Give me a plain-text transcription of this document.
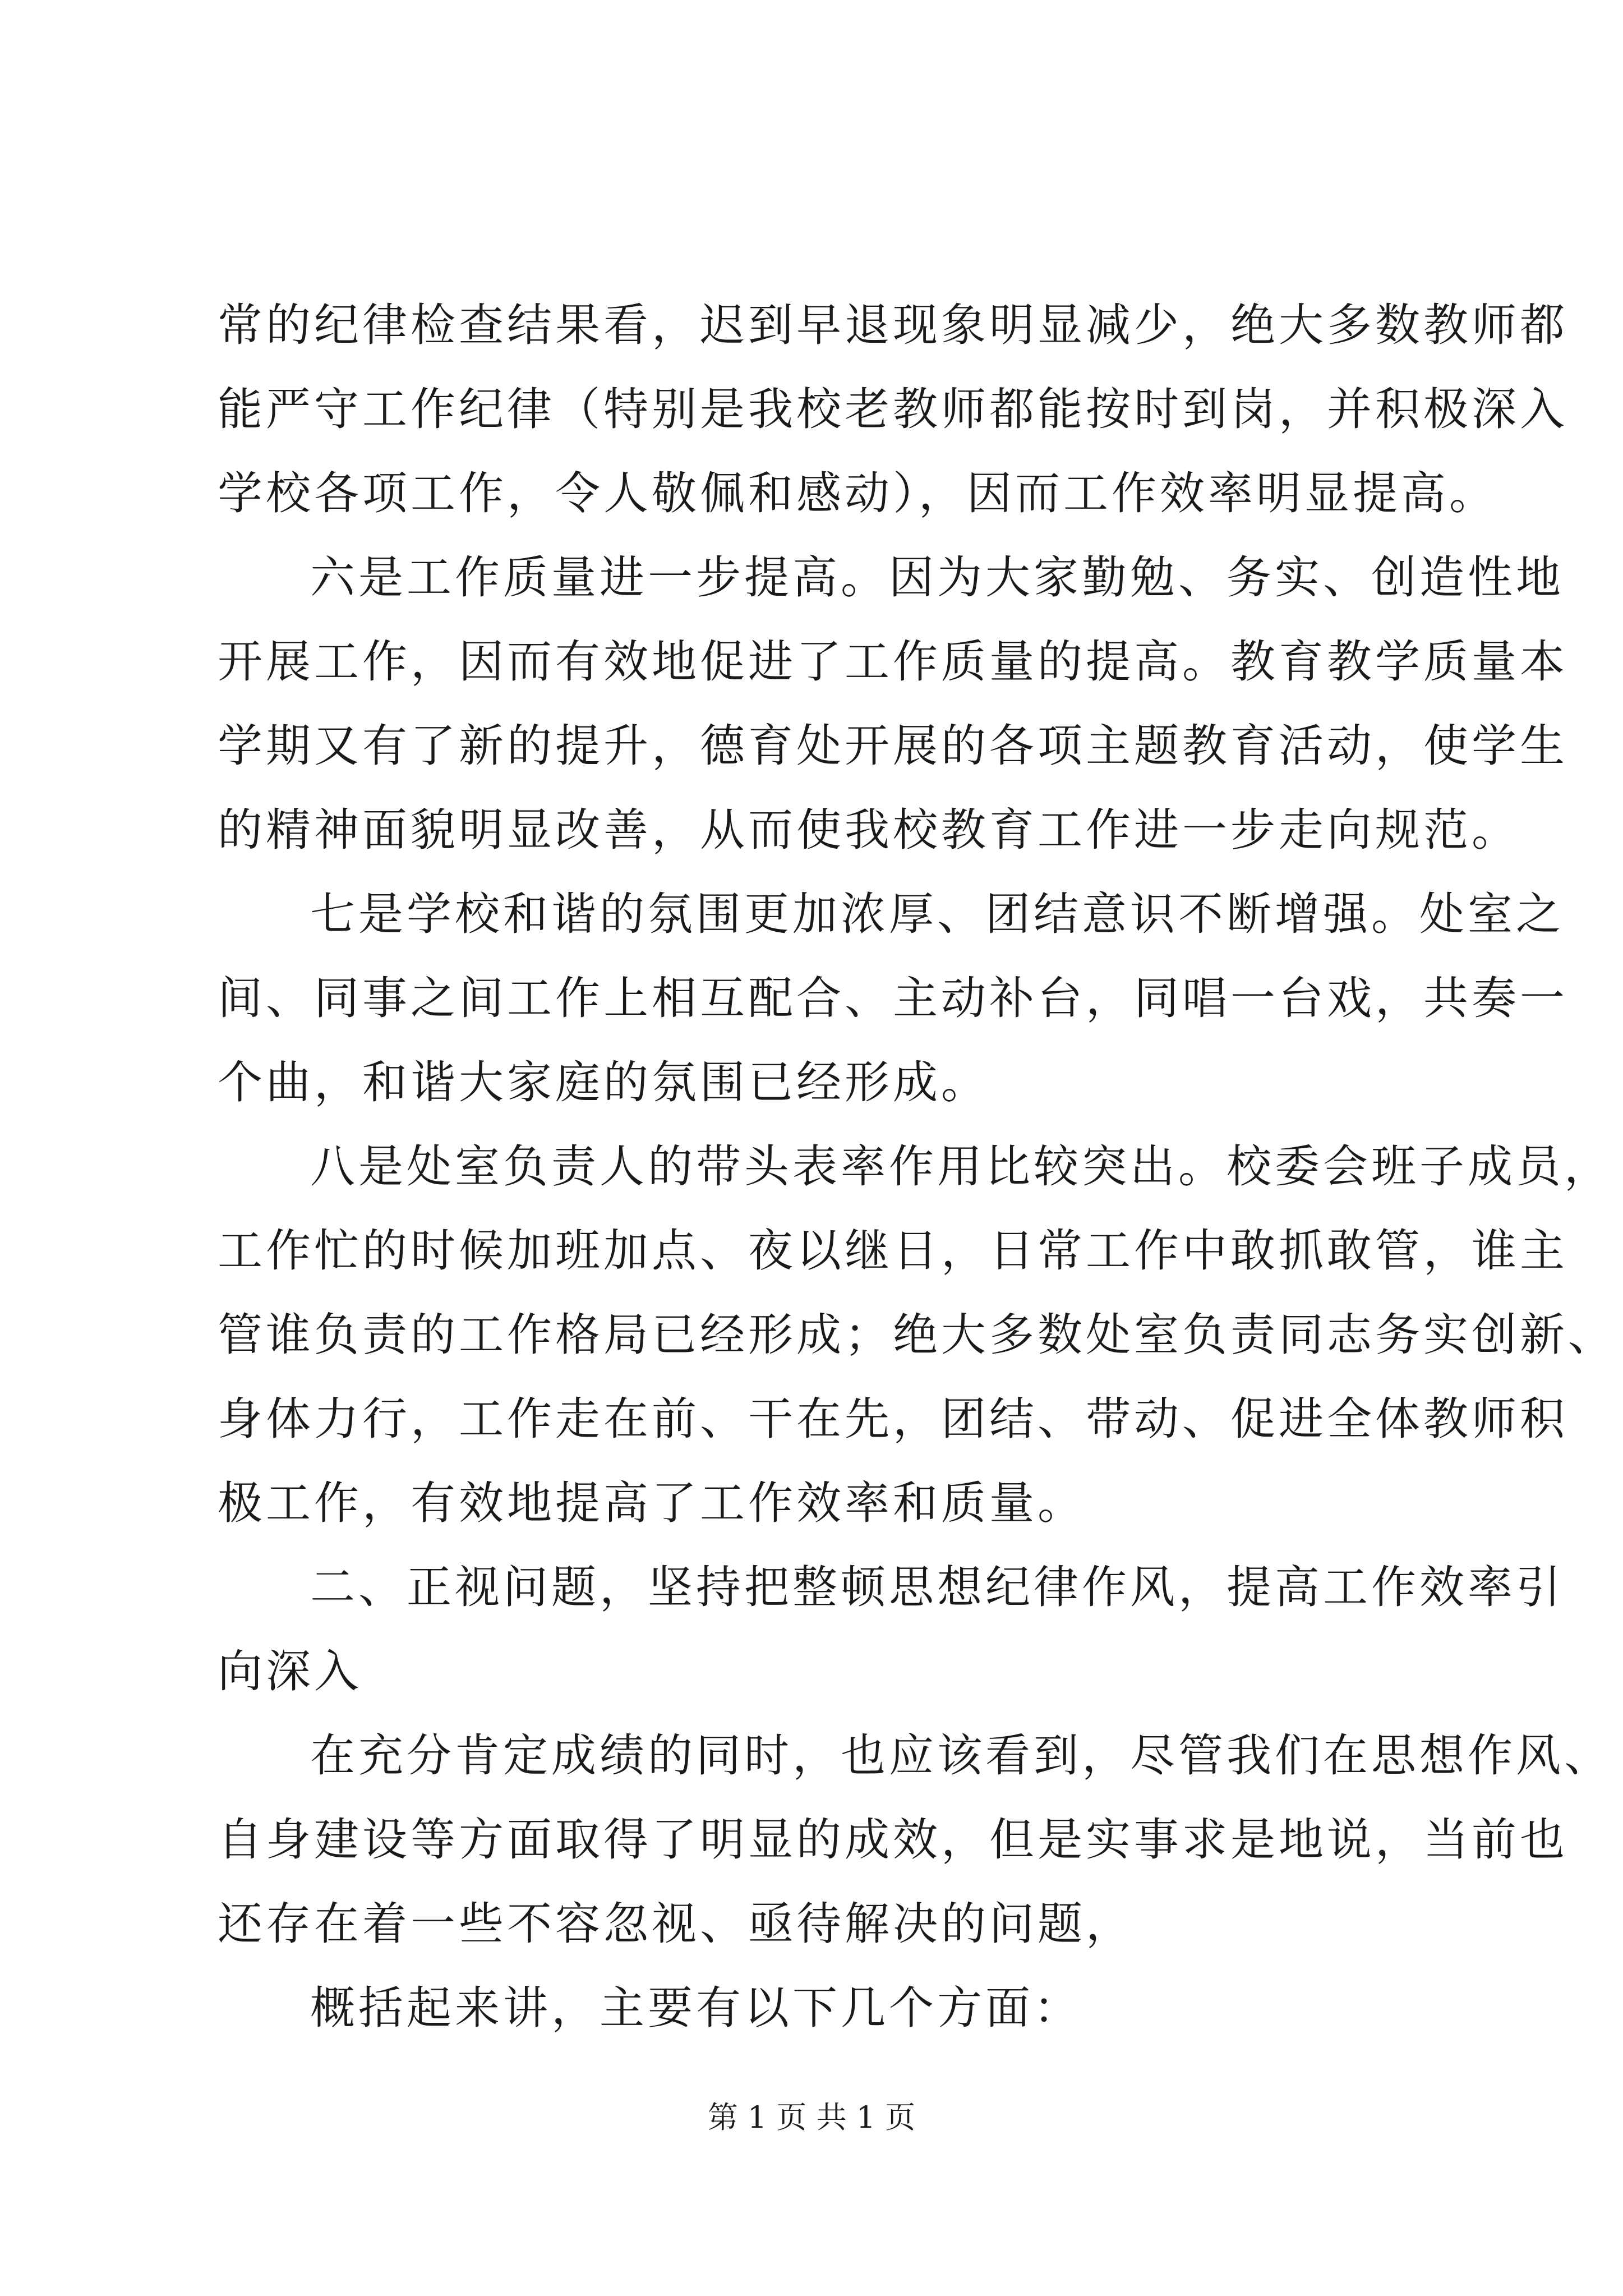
常的纪律检查结果看，迟到早退现象明显减少，绝大多数教师都
能严守工作纪律（特别是我校老教师都能按时到岗，并积极深入
学校各项工作，令人敬佩和感动），因而工作效率明显提高。
六是工作质量进一步提高。因为大家勤勉、务实、创造性地
开展工作，因而有效地促进了工作质量的提高。教育教学质量本
学期又有了新的提升，德育处开展的各项主题教育活动，使学生
的精神面貌明显改善，从而使我校教育工作进一步走向规范。
七是学校和谐的氛围更加浓厚、团结意识不断增强。处室之
间、同事之间工作上相互配合、主动补台，同唱一台戏，共奏一
个曲，和谐大家庭的氛围已经形成。
八是处室负责人的带头表率作用比较突出。校委会班子成员，
工作忙的时候加班加点、夜以继日，日常工作中敢抓敢管，谁主
管谁负责的工作格局已经形成；绝大多数处室负责同志务实创新、
身体力行，工作走在前、干在先，团结、带动、促进全体教师积
极工作，有效地提高了工作效率和质量。
二、正视问题，坚持把整顿思想纪律作风，提高工作效率引
向深入
在充分肯定成绩的同时，也应该看到，尽管我们在思想作风、
自身建设等方面取得了明显的成效，但是实事求是地说，当前也
还存在着一些不容忽视、亟待解决的问题，
概括起来讲，主要有以下几个方面：
第 1 页 共 1 页
